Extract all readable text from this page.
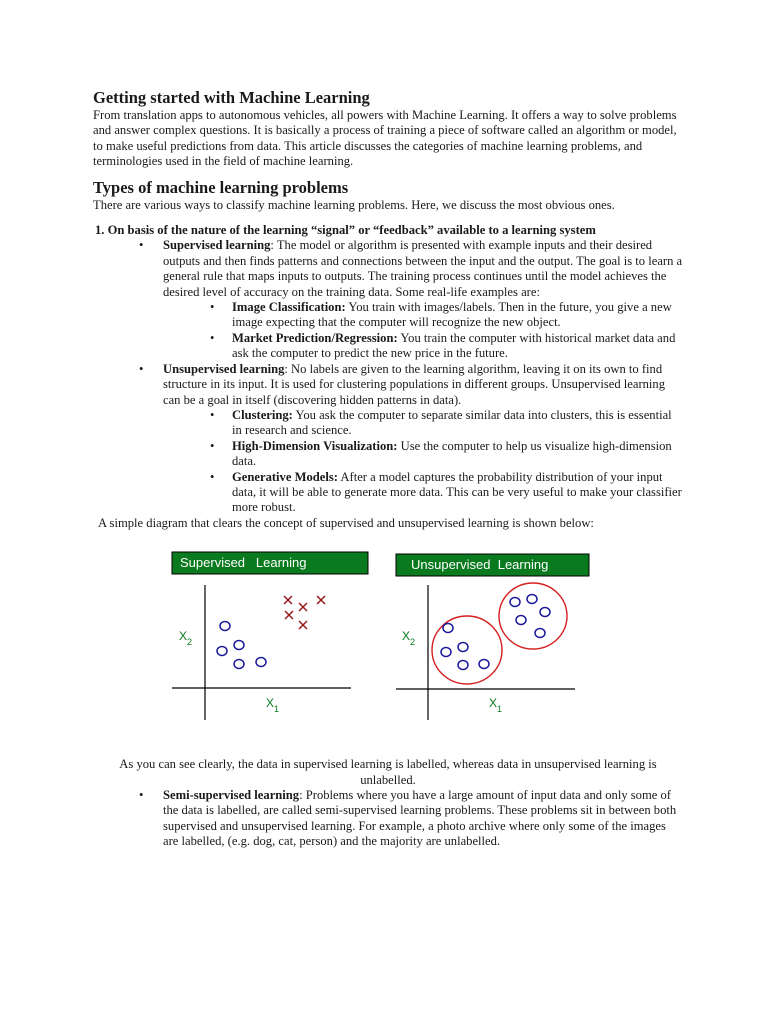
Getting started with Machine Learning

From translation apps to autonomous vehicles, all powers with Machine Learning. It offers a way to solve problems and answer complex questions. It is basically a process of training a piece of software called an algorithm or model, to make useful predictions from data. This article discusses the categories of machine learning problems, and terminologies used in the field of machine learning.

Types of machine learning problems

There are various ways to classify machine learning problems. Here, we discuss the most obvious ones.

1. On basis of the nature of the learning “signal” or “feedback” available to a learning system
• Supervised learning: The model or algorithm is presented with example inputs and their desired outputs and then finds patterns and connections between the input and the output. The goal is to learn a general rule that maps inputs to outputs. The training process continues until the model achieves the desired level of accuracy on the training data. Some real-life examples are:
• Image Classification: You train with images/labels. Then in the future, you give a new image expecting that the computer will recognize the new object.
• Market Prediction/Regression: You train the computer with historical market data and ask the computer to predict the new price in the future.
• Unsupervised learning: No labels are given to the learning algorithm, leaving it on its own to find structure in its input. It is used for clustering populations in different groups. Unsupervised learning can be a goal in itself (discovering hidden patterns in data).
• Clustering: You ask the computer to separate similar data into clusters, this is essential in research and science.
• High-Dimension Visualization: Use the computer to help us visualize high-dimension data.
• Generative Models: After a model captures the probability distribution of your input data, it will be able to generate more data. This can be very useful to make your classifier more robust.

A simple diagram that clears the concept of supervised and unsupervised learning is shown below:

Supervised   Learning
$X_2$
$X_1$
Unsupervised  Learning
$X_2$
$X_1$

As you can see clearly, the data in supervised learning is labelled, whereas data in unsupervised learning is unlabelled.

• Semi-supervised learning: Problems where you have a large amount of input data and only some of the data is labelled, are called semi-supervised learning problems. These problems sit in between both supervised and unsupervised learning. For example, a photo archive where only some of the images are labelled, (e.g. dog, cat, person) and the majority are unlabelled.
